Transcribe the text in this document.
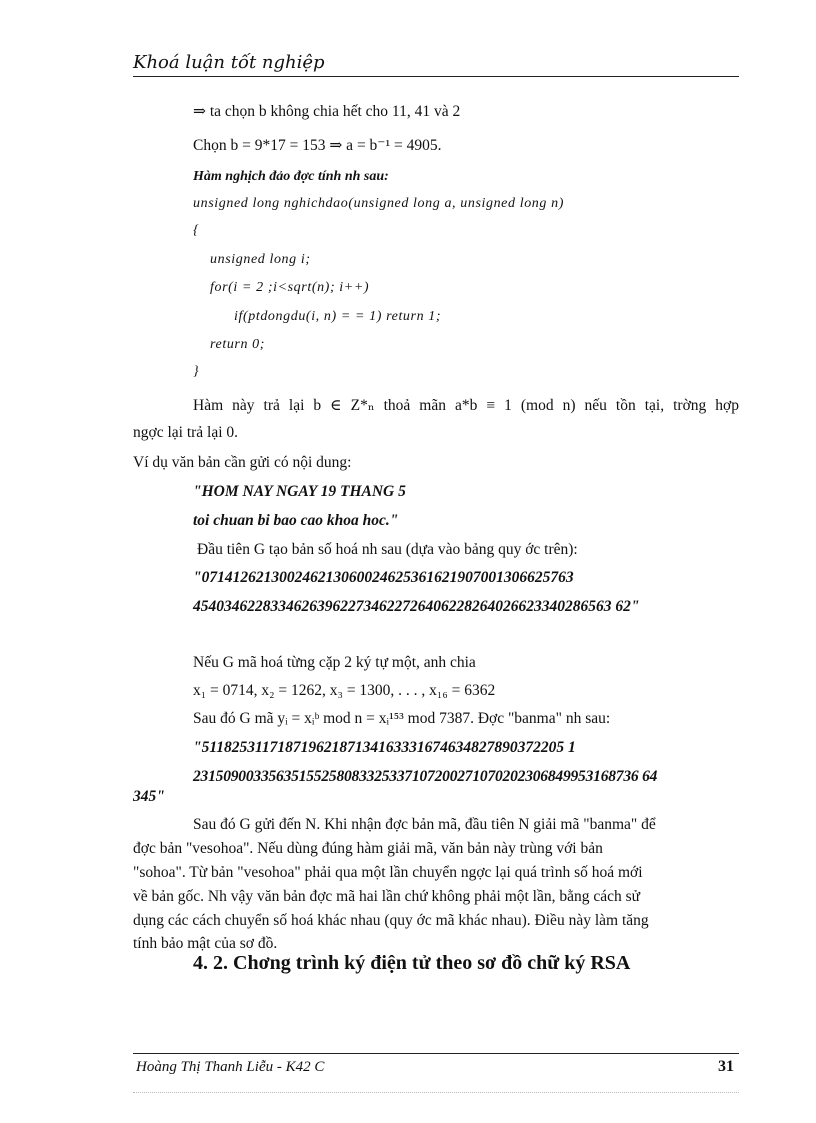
Khoá luận tốt nghiệp
⇒ ta chọn b không chia hết cho 11, 41 và 2
Chọn b = 9*17 = 153 ⇒ a = b⁻¹ = 4905.
Hàm nghịch đảo đợc tính nh sau:
unsigned long nghichdao(unsigned long a, unsigned long n)
{
unsigned long i;
for(i = 2 ;i<sqrt(n); i++)
if(ptdongdu(i, n) = = 1) return 1;
return 0;
}
Hàm này trả lại b ∈ Z*ₙ thoả mãn a*b ≡ 1 (mod n) nếu tồn tại, trờng hợp
ngợc lại trả lại 0.
Ví dụ văn bản cần gửi có nội dung:
"HOM NAY NGAY 19 THANG 5
toi chuan bi bao cao khoa hoc."
Đầu tiên G tạo bản số hoá nh sau (dựa vào bảng quy ớc trên):
"071412621300246213060024625361621907001306625763
454034622833462639622734622726406228264026623340286563 62"
Nếu G mã hoá từng cặp 2 ký tự một, anh chia
x₁ = 0714, x₂ = 1262, x₃ = 1300, . . . , x₁₆ = 6362
Sau đó G mã yᵢ = xᵢᵇ mod n = xᵢ¹⁵³ mod 7387. Đợc "banma" nh sau:
"51182531171871962187134163331674634827890372205 1
23150900335635155258083325337107200271070202306849953168736 64
345"
Sau đó G gửi đến N. Khi nhận đợc bản mã, đầu tiên N giải mã "banma" để
đợc bản "vesohoa". Nếu dùng đúng hàm giải mã, văn bản này trùng với bản
"sohoa". Từ bản "vesohoa" phải qua một lần chuyển ngợc lại quá trình số hoá mới
về bản gốc. Nh vậy văn bản đợc mã hai lần chứ không phải một lần, bằng cách sử
dụng các cách chuyển số hoá khác nhau (quy ớc mã khác nhau). Điều này làm tăng
tính bảo mật của sơ đồ.
4. 2. Chơng trình ký điện tử theo sơ đồ chữ ký RSA
Hoàng Thị Thanh Liễu - K42 C	31
